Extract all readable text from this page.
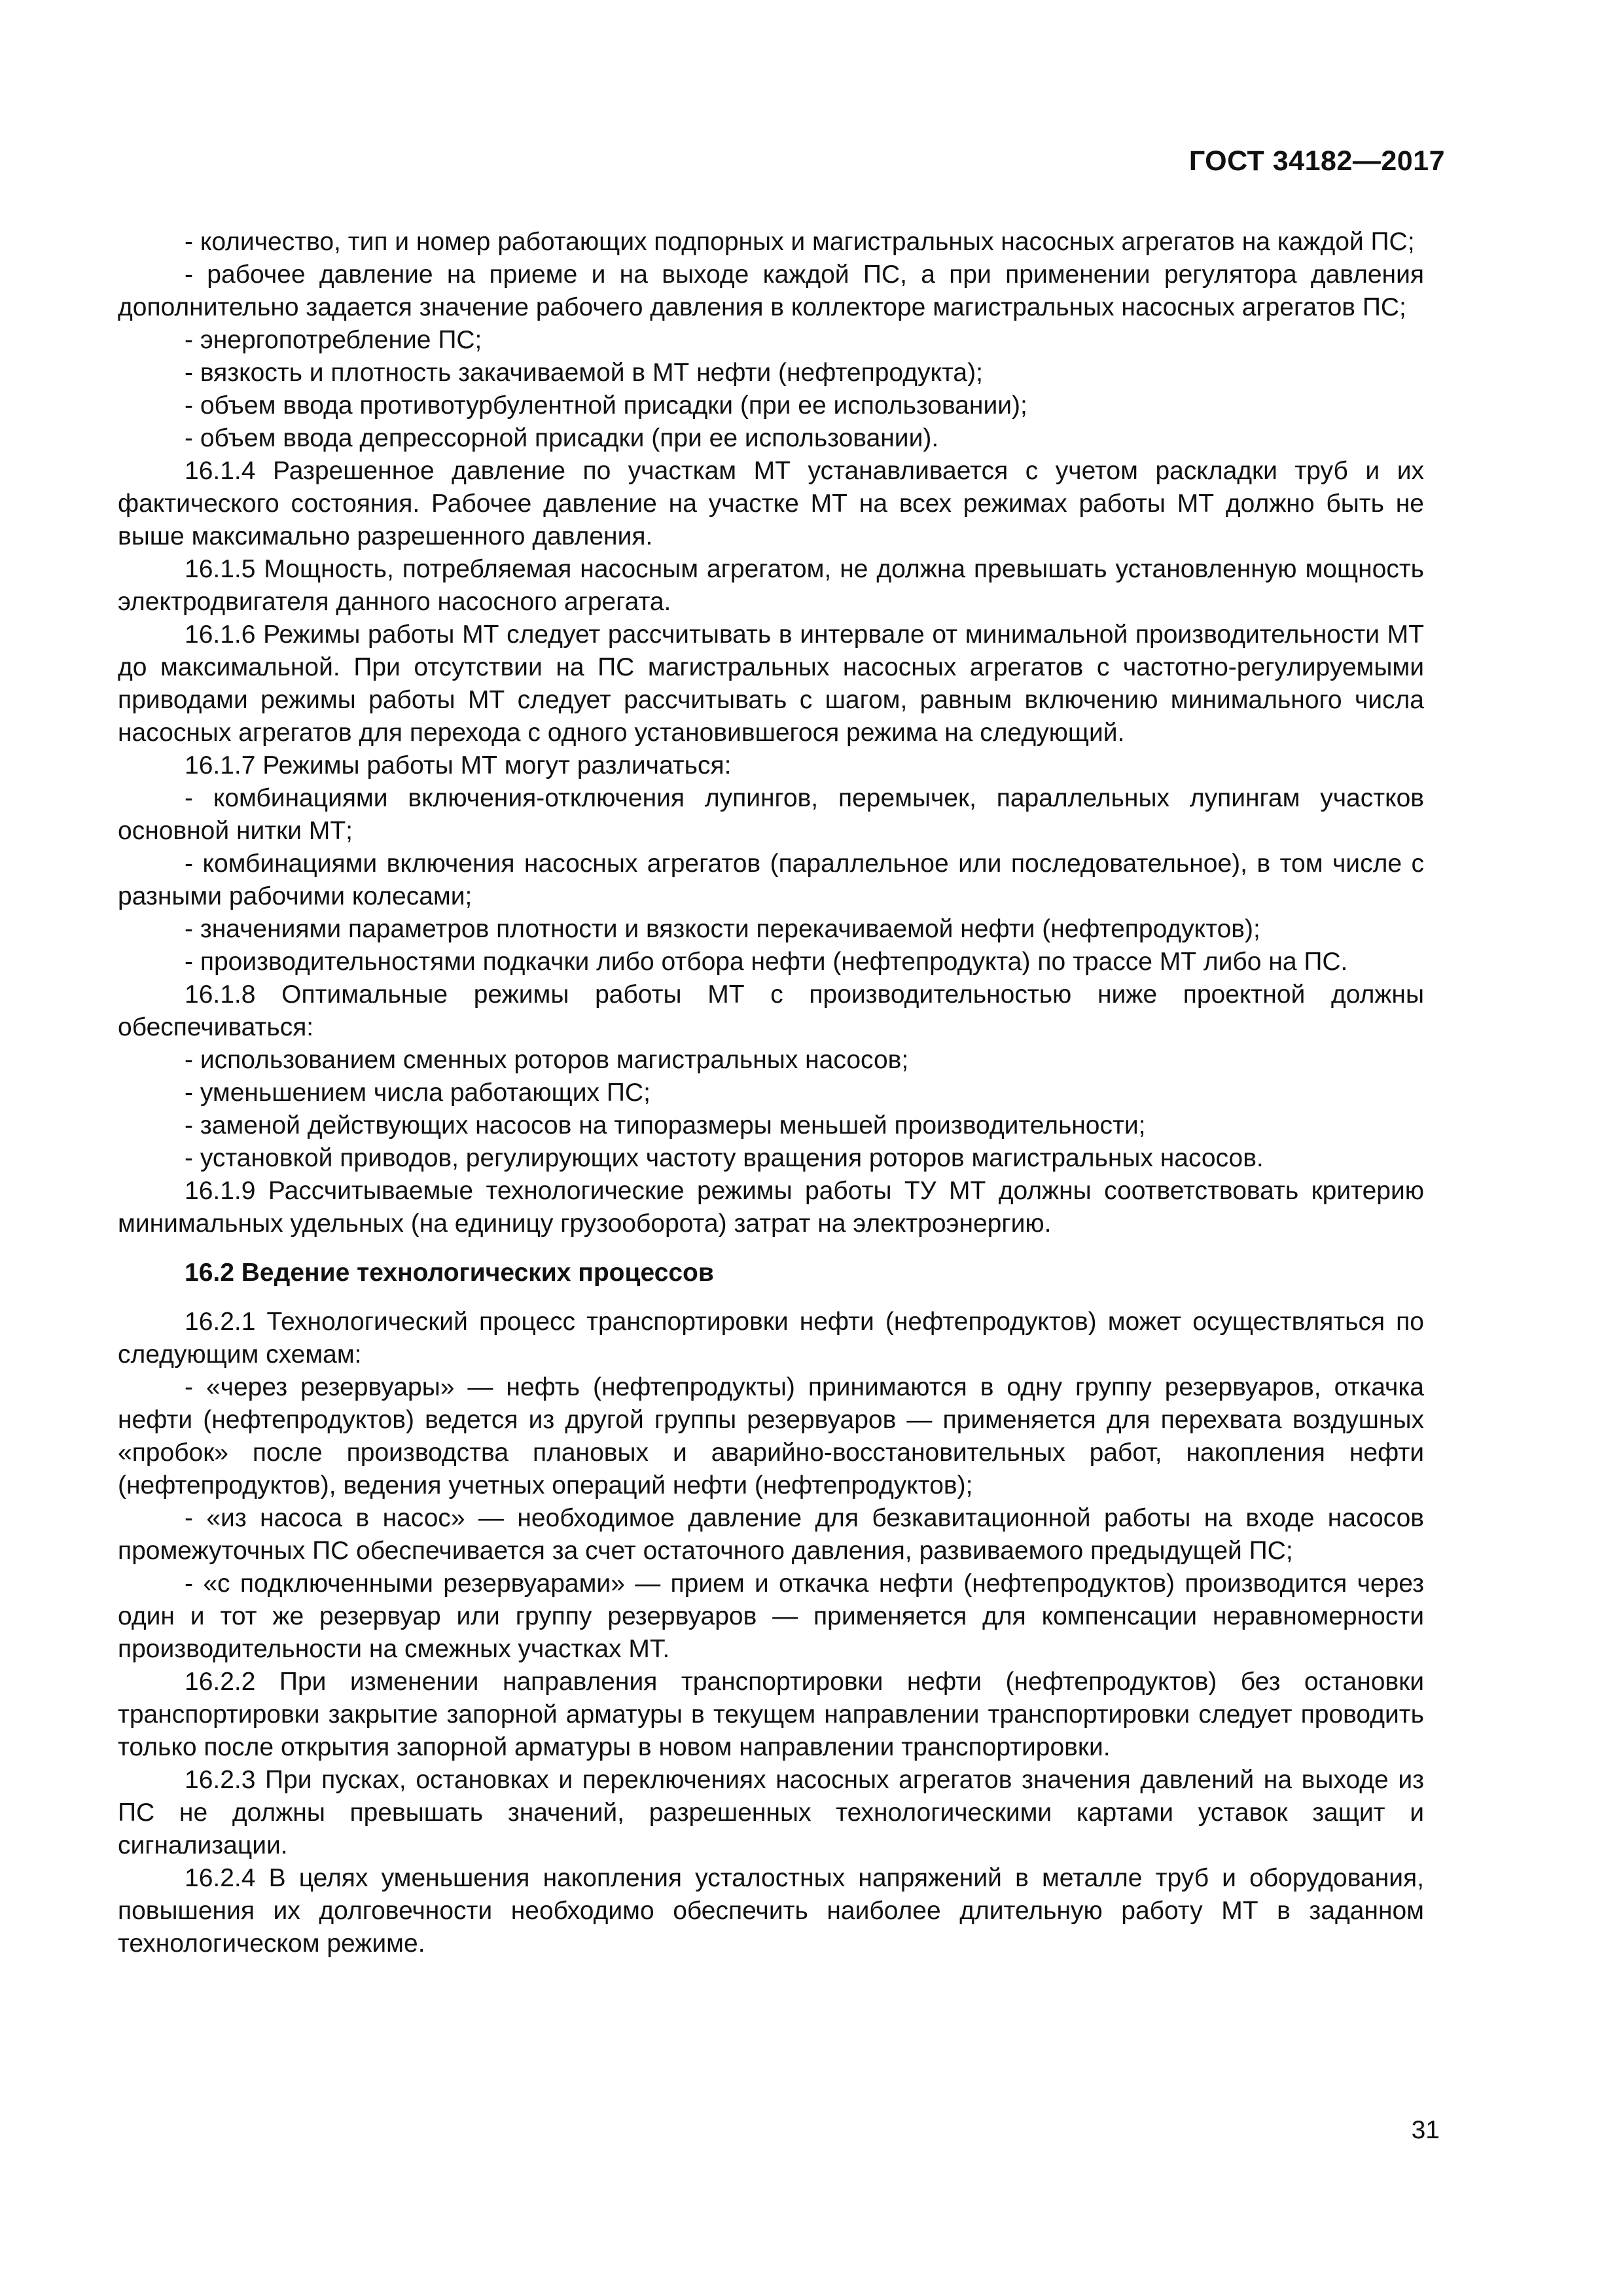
ГОСТ 34182—2017

- количество, тип и номер работающих подпорных и магистральных насосных агрегатов на каждой ПС;

- рабочее давление на приеме и на выходе каждой ПС, а при применении регулятора давления дополнительно задается значение рабочего давления в коллекторе магистральных насосных агрегатов ПС;

- энергопотребление ПС;

- вязкость и плотность закачиваемой в МТ нефти (нефтепродукта);

- объем ввода противотурбулентной присадки (при ее использовании);

- объем ввода депрессорной присадки (при ее использовании).

16.1.4 Разрешенное давление по участкам МТ устанавливается с учетом раскладки труб и их фактического состояния. Рабочее давление на участке МТ на всех режимах работы МТ должно быть не выше максимально разрешенного давления.

16.1.5 Мощность, потребляемая насосным агрегатом, не должна превышать установленную мощность электродвигателя данного насосного агрегата.

16.1.6 Режимы работы МТ следует рассчитывать в интервале от минимальной производительности МТ до максимальной. При отсутствии на ПС магистральных насосных агрегатов с частотно-регулируемыми приводами режимы работы МТ следует рассчитывать с шагом, равным включению минимального числа насосных агрегатов для перехода с одного установившегося режима на следующий.

16.1.7 Режимы работы МТ могут различаться:

- комбинациями включения-отключения лупингов, перемычек, параллельных лупингам участков основной нитки МТ;

- комбинациями включения насосных агрегатов (параллельное или последовательное), в том числе с разными рабочими колесами;

- значениями параметров плотности и вязкости перекачиваемой нефти (нефтепродуктов);

- производительностями подкачки либо отбора нефти (нефтепродукта) по трассе МТ либо на ПС.

16.1.8 Оптимальные режимы работы МТ с производительностью ниже проектной должны обеспечиваться:

- использованием сменных роторов магистральных насосов;

- уменьшением числа работающих ПС;

- заменой действующих насосов на типоразмеры меньшей производительности;

- установкой приводов, регулирующих частоту вращения роторов магистральных насосов.

16.1.9 Рассчитываемые технологические режимы работы ТУ МТ должны соответствовать критерию минимальных удельных (на единицу грузооборота) затрат на электроэнергию.

16.2 Ведение технологических процессов

16.2.1 Технологический процесс транспортировки нефти (нефтепродуктов) может осуществляться по следующим схемам:

- «через резервуары» — нефть (нефтепродукты) принимаются в одну группу резервуаров, откачка нефти (нефтепродуктов) ведется из другой группы резервуаров — применяется для перехвата воздушных «пробок» после производства плановых и аварийно-восстановительных работ, накопления нефти (нефтепродуктов), ведения учетных операций нефти (нефтепродуктов);

- «из насоса в насос» — необходимое давление для безкавитационной работы на входе насосов промежуточных ПС обеспечивается за счет остаточного давления, развиваемого предыдущей ПС;

- «с подключенными резервуарами» — прием и откачка нефти (нефтепродуктов) производится через один и тот же резервуар или группу резервуаров — применяется для компенсации неравномерности производительности на смежных участках МТ.

16.2.2 При изменении направления транспортировки нефти (нефтепродуктов) без остановки транспортировки закрытие запорной арматуры в текущем направлении транспортировки следует проводить только после открытия запорной арматуры в новом направлении транспортировки.

16.2.3 При пусках, остановках и переключениях насосных агрегатов значения давлений на выходе из ПС не должны превышать значений, разрешенных технологическими картами уставок защит и сигнализации.

16.2.4 В целях уменьшения накопления усталостных напряжений в металле труб и оборудования, повышения их долговечности необходимо обеспечить наиболее длительную работу МТ в заданном технологическом режиме.

31
